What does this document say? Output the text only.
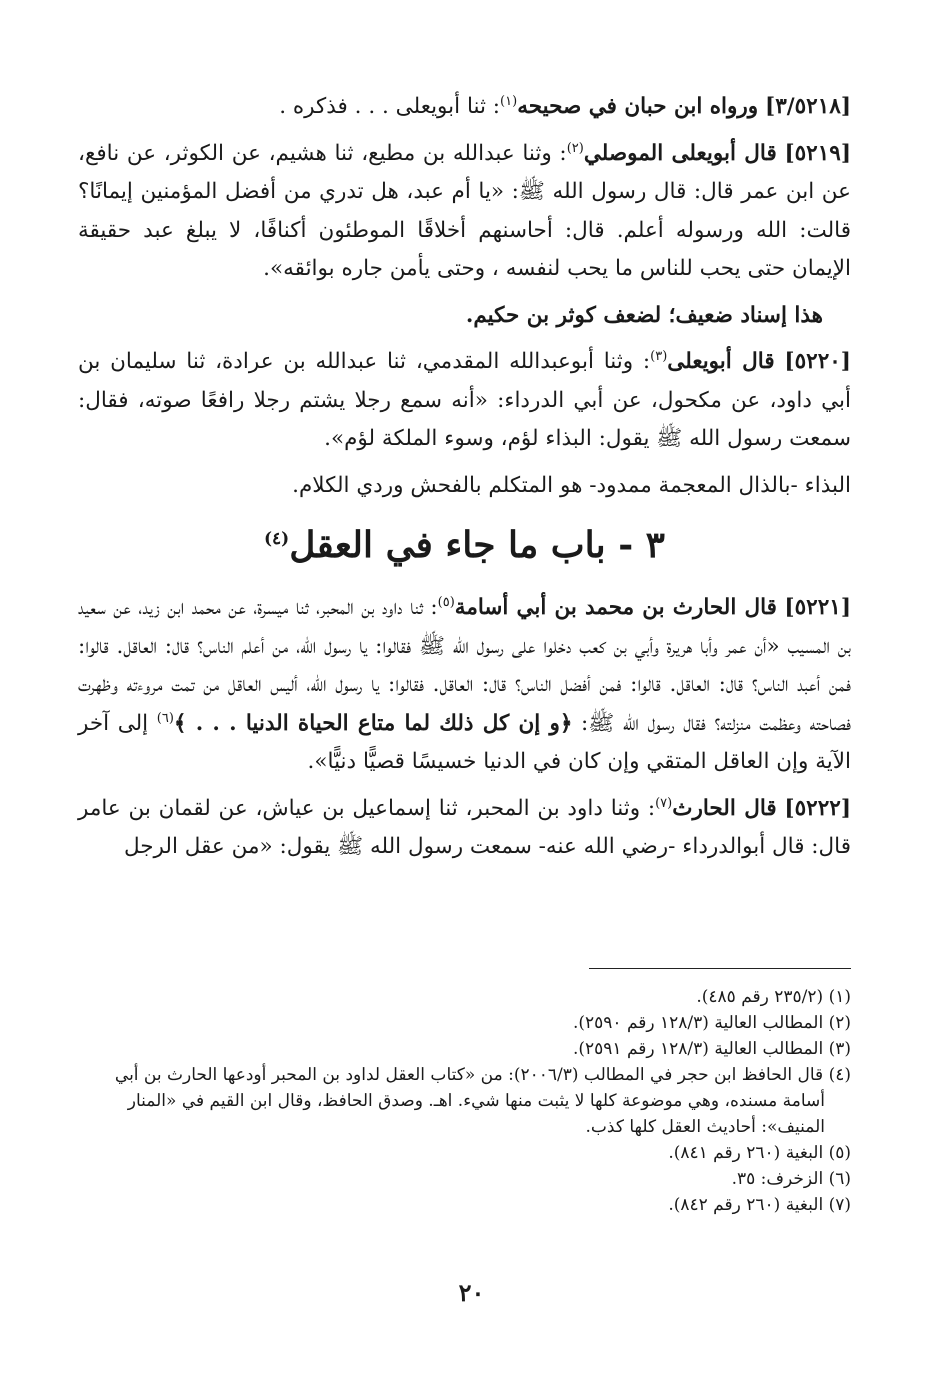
[٣/٥٢١٨] ورواه ابن حبان في صحيحه$^{(١)}$: ثنا أبويعلى . . . فذكره .

[٥٢١٩] قال أبويعلى الموصلي$^{(٢)}$: وثنا عبدالله بن مطيع، ثنا هشيم، عن الكوثر، عن نافع، عن ابن عمر قال: قال رسول الله ﷺ: «يا أم عبد، هل تدري من أفضل المؤمنين إيمانًا؟ قالت: الله ورسوله أعلم. قال: أحاسنهم أخلاقًا الموطئون أكنافًا، لا يبلغ عبد حقيقة الإيمان حتى يحب للناس ما يحب لنفسه ، وحتى يأمن جاره بوائقه».

هذا إسناد ضعيف؛ لضعف كوثر بن حكيم.

[٥٢٢٠] قال أبويعلى$^{(٣)}$: وثنا أبوعبدالله المقدمي، ثنا عبدالله بن عرادة، ثنا سليمان بن أبي داود، عن مكحول، عن أبي الدرداء: «أنه سمع رجلا يشتم رجلا رافعًا صوته، فقال: سمعت رسول الله ﷺ يقول: البذاء لؤم، وسوء الملكة لؤم».

البذاء -بالذال المعجمة ممدود- هو المتكلم بالفحش وردي الكلام.

٣ - باب ما جاء في العقل$^{(٤)}$

[٥٢٢١] قال الحارث بن محمد بن أبي أسامة$^{(٥)}$: ثنا داود بن المحبر، ثنا ميسرة، عن محمد ابن زيد، عن سعيد بن المسيب «أن عمر وأبا هريرة وأبي بن كعب دخلوا على رسول الله ﷺ فقالوا: يا رسول الله، من أعلم الناس؟ قال: العاقل. قالوا: فمن أعبد الناس؟ قال: العاقل. قالوا: فمن أفضل الناس؟ قال: العاقل. فقالوا: يا رسول الله، أليس العاقل من تمت مروءته وظهرت فصاحته وعظمت منزلته؟ فقال رسول الله ﷺ: ﴿و إن كل ذلك لما متاع الحياة الدنيا . . . ﴾$^{(٦)}$ إلى آخر الآية وإن العاقل المتقي وإن كان في الدنيا خسيسًا قصيًّا دنيًّا».

[٥٢٢٢] قال الحارث$^{(٧)}$: وثنا داود بن المحبر، ثنا إسماعيل بن عياش، عن لقمان بن عامر قال: قال أبوالدرداء -رضي الله عنه- سمعت رسول الله ﷺ يقول: «من عقل الرجل

(١) (٢٣٥/٢ رقم ٤٨٥).

(٢) المطالب العالية (١٢٨/٣ رقم ٢٥٩٠).

(٣) المطالب العالية (١٢٨/٣ رقم ٢٥٩١).

(٤) قال الحافظ ابن حجر في المطالب (٢٠٠٦/٣): من «كتاب العقل لداود بن المحبر أودعها الحارث بن أبي أسامة مسنده، وهي موضوعة كلها لا يثبت منها شيء. اهـ. وصدق الحافظ، وقال ابن القيم في «المنار المنيف»: أحاديث العقل كلها كذب.

(٥) البغية (٢٦٠ رقم ٨٤١).

(٦) الزخرف: ٣٥.

(٧) البغية (٢٦٠ رقم ٨٤٢).

٢٠
